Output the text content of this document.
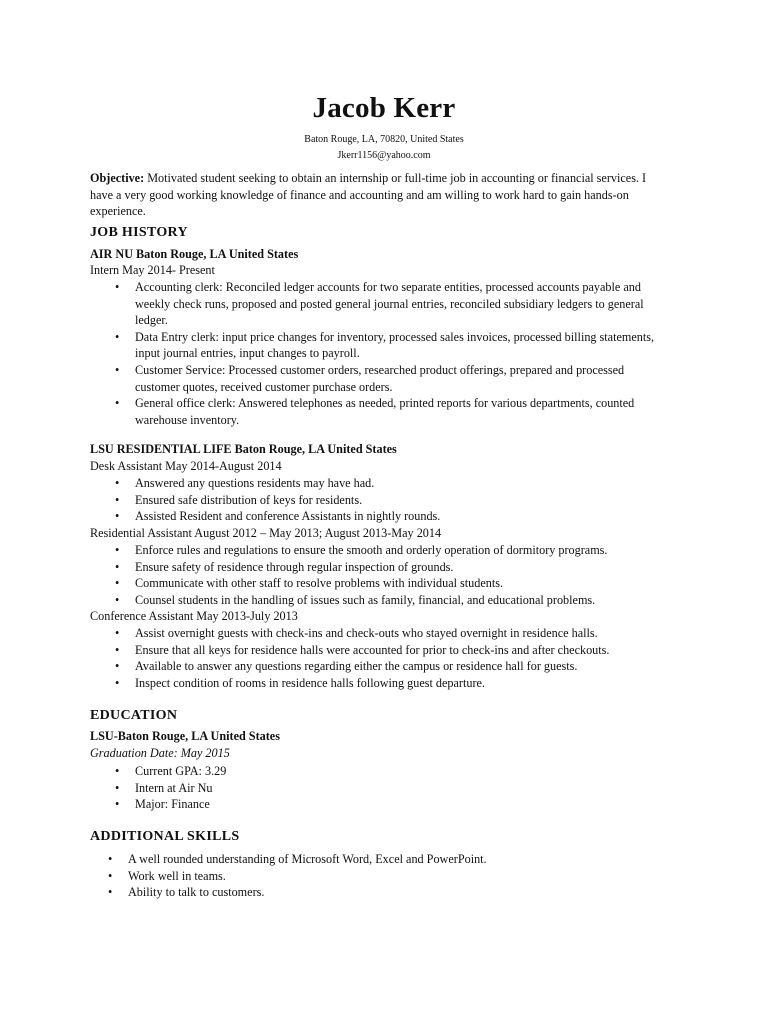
Jacob Kerr
Baton Rouge, LA, 70820, United States
Jkerr1156@yahoo.com
Objective: Motivated student seeking to obtain an internship or full-time job in accounting or financial services. I have a very good working knowledge of finance and accounting and am willing to work hard to gain hands-on experience.
JOB HISTORY
AIR NU Baton Rouge, LA United States
Intern May 2014- Present
• Accounting clerk: Reconciled ledger accounts for two separate entities, processed accounts payable and weekly check runs, proposed and posted general journal entries, reconciled subsidiary ledgers to general ledger.
• Data Entry clerk: input price changes for inventory, processed sales invoices, processed billing statements, input journal entries, input changes to payroll.
• Customer Service: Processed customer orders, researched product offerings, prepared and processed customer quotes, received customer purchase orders.
• General office clerk: Answered telephones as needed, printed reports for various departments, counted warehouse inventory.
LSU RESIDENTIAL LIFE Baton Rouge, LA United States
Desk Assistant May 2014-August 2014
• Answered any questions residents may have had.
• Ensured safe distribution of keys for residents.
• Assisted Resident and conference Assistants in nightly rounds.
Residential Assistant August 2012 – May 2013; August 2013-May 2014
• Enforce rules and regulations to ensure the smooth and orderly operation of dormitory programs.
• Ensure safety of residence through regular inspection of grounds.
• Communicate with other staff to resolve problems with individual students.
• Counsel students in the handling of issues such as family, financial, and educational problems.
Conference Assistant May 2013-July 2013
• Assist overnight guests with check-ins and check-outs who stayed overnight in residence halls.
• Ensure that all keys for residence halls were accounted for prior to check-ins and after checkouts.
• Available to answer any questions regarding either the campus or residence hall for guests.
• Inspect condition of rooms in residence halls following guest departure.
EDUCATION
LSU-Baton Rouge, LA United States
Graduation Date: May 2015
• Current GPA: 3.29
• Intern at Air Nu
• Major: Finance
ADDITIONAL SKILLS
• A well rounded understanding of Microsoft Word, Excel and PowerPoint.
• Work well in teams.
• Ability to talk to customers.
